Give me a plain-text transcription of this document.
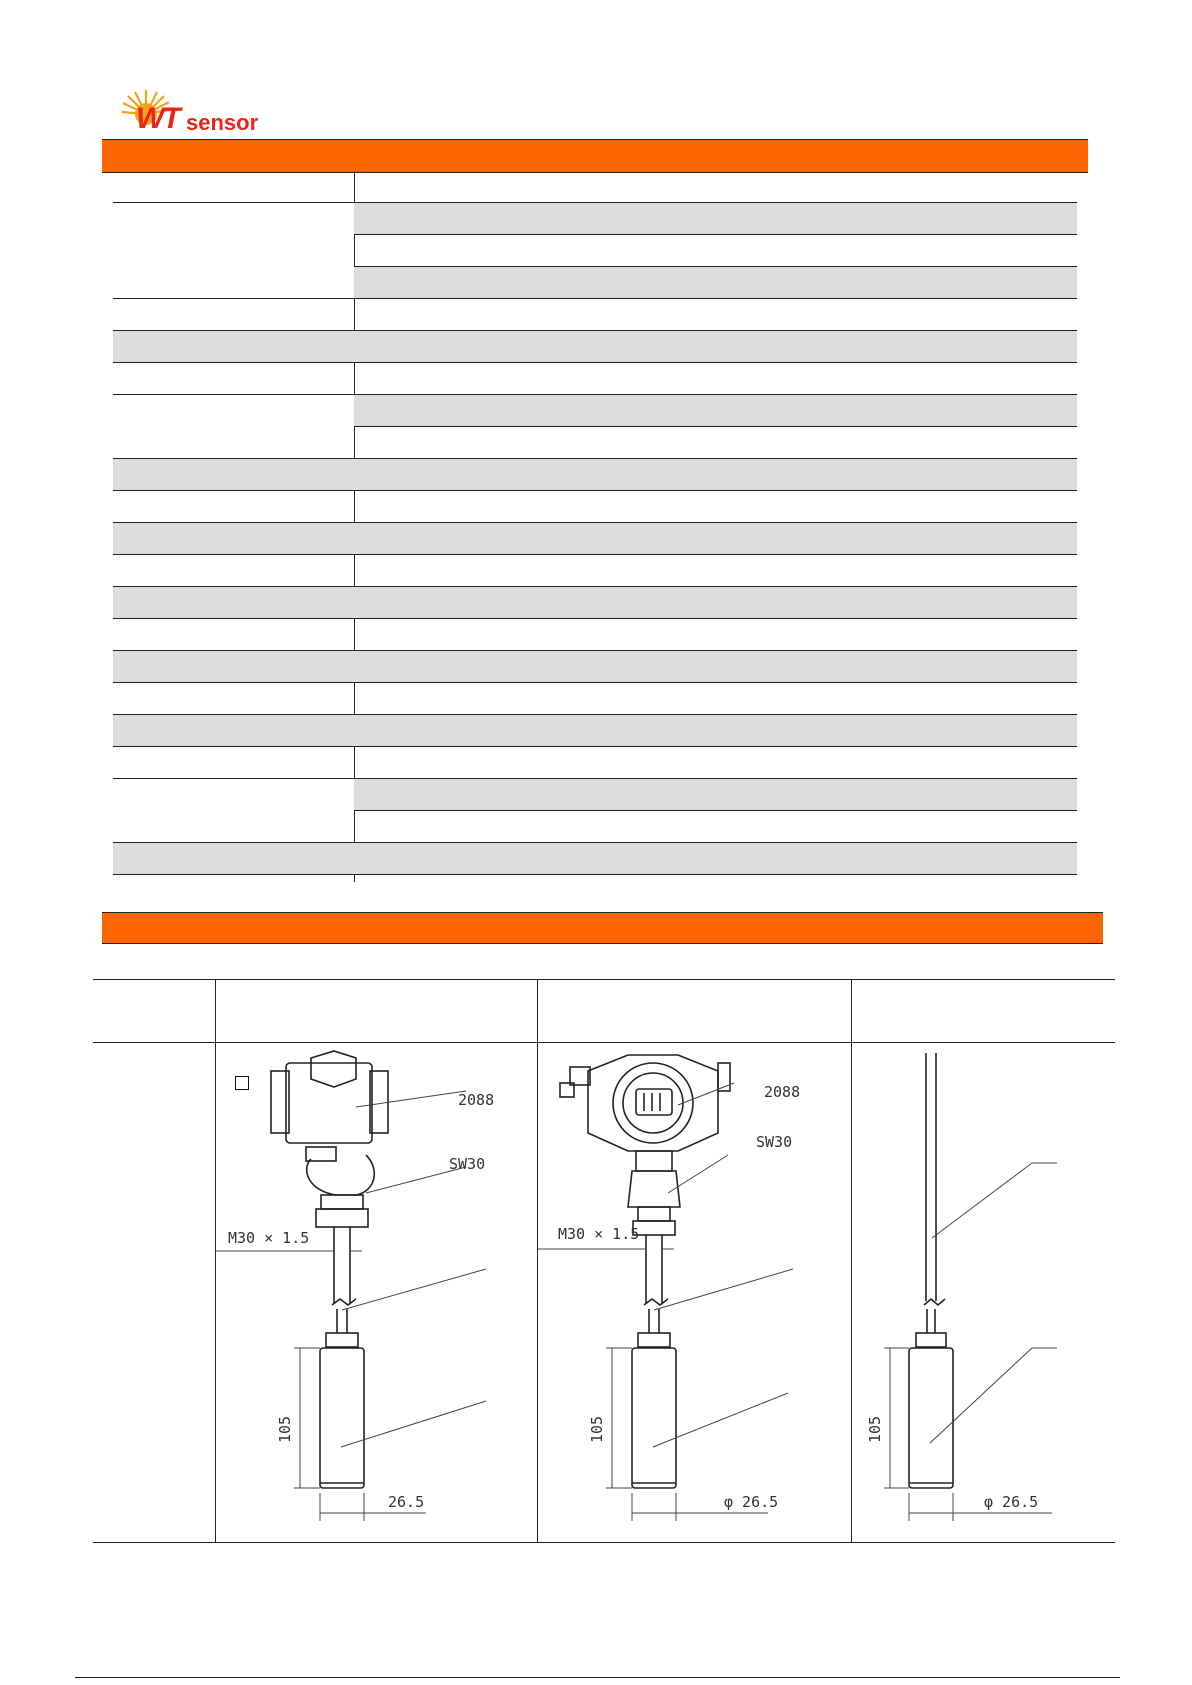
WT sensor
2088
SW30
M30 × 1.5
105
26.5
2088
SW30
M30 × 1.5
105
φ 26.5
105
φ 26.5
